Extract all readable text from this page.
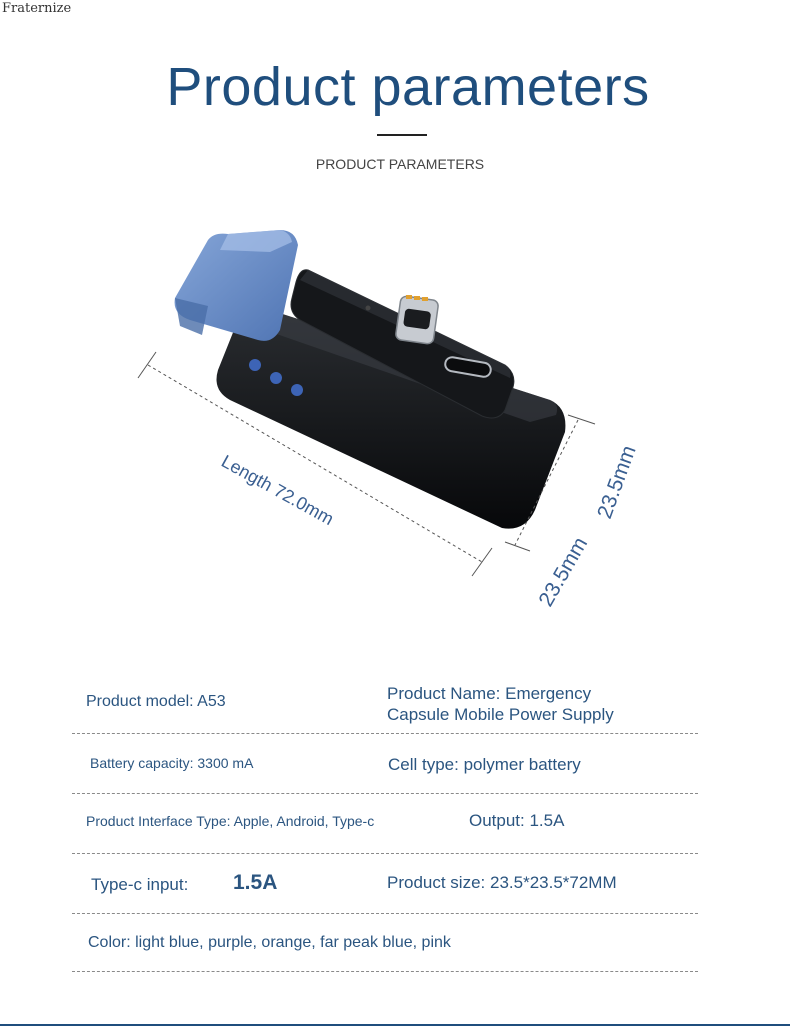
Fraternize
Product parameters
PRODUCT PARAMETERS
Length 72.0mm	23.5mm
23.5mm
Product model: A53	Product Name: Emergency Capsule Mobile Power Supply
Battery capacity: 3300 mA	Cell type: polymer battery
Product Interface Type: Apple, Android, Type-c	Output: 1.5A
Type-c input: 1.5A	Product size: 23.5*23.5*72MM
Color: light blue, purple, orange, far peak blue, pink
